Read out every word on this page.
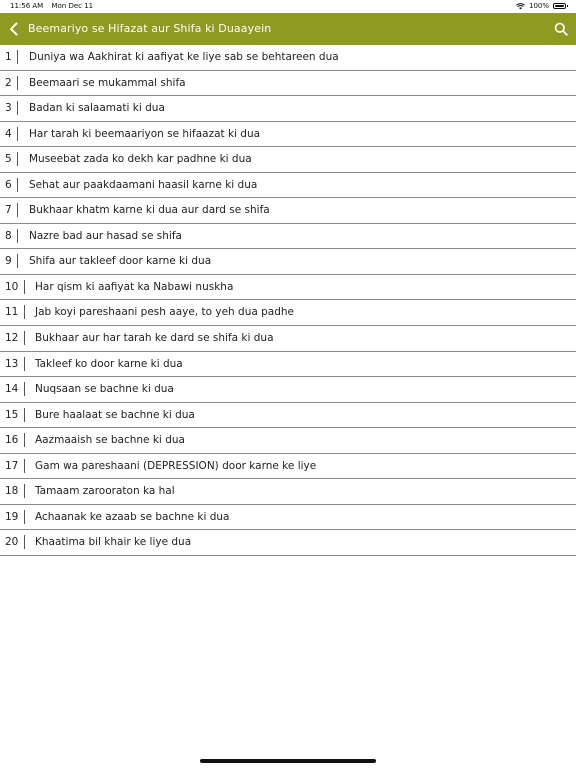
11:56 AM Mon Dec 11	100%
Beemariyo se Hifazat aur Shifa ki Duaayein
1 Duniya wa Aakhirat ki aafiyat ke liye sab se behtareen dua
2 Beemaari se mukammal shifa
3 Badan ki salaamati ki dua
4 Har tarah ki beemaariyon se hifaazat ki dua
5 Museebat zada ko dekh kar padhne ki dua
6 Sehat aur paakdaamani haasil karne ki dua
7 Bukhaar khatm karne ki dua aur dard se shifa
8 Nazre bad aur hasad se shifa
9 Shifa aur takleef door karne ki dua
10 Har qism ki aafiyat ka Nabawi nuskha
11 Jab koyi pareshaani pesh aaye, to yeh dua padhe
12 Bukhaar aur har tarah ke dard se shifa ki dua
13 Takleef ko door karne ki dua
14 Nuqsaan se bachne ki dua
15 Bure haalaat se bachne ki dua
16 Aazmaaish se bachne ki dua
17 Gam wa pareshaani (DEPRESSION) door karne ke liye
18 Tamaam zarooraton ka hal
19 Achaanak ke azaab se bachne ki dua
20 Khaatima bil khair ke liye dua
